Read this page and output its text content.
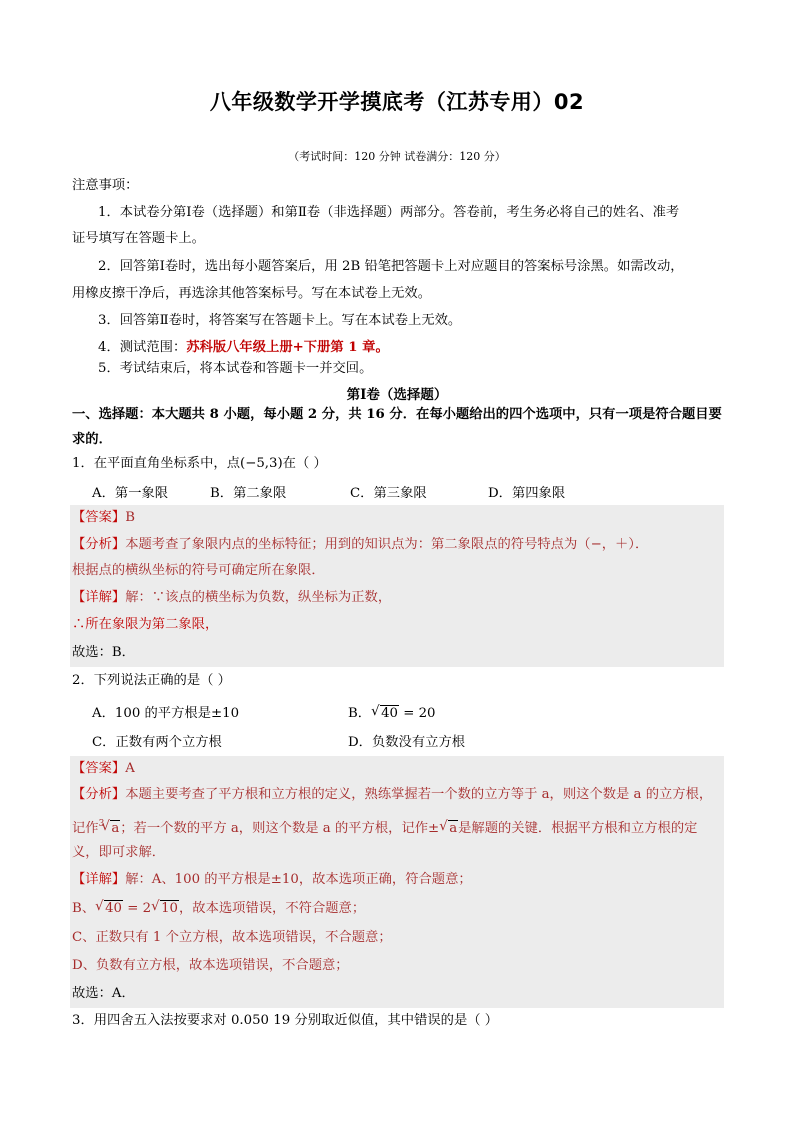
八年级数学开学摸底考（江苏专用）02
（考试时间：120 分钟 试卷满分：120 分）
注意事项：
1．本试卷分第Ⅰ卷（选择题）和第Ⅱ卷（非选择题）两部分。答卷前，考生务必将自己的姓名、准考
证号填写在答题卡上。
2．回答第Ⅰ卷时，选出每小题答案后，用 2B 铅笔把答题卡上对应题目的答案标号涂黑。如需改动，
用橡皮擦干净后，再选涂其他答案标号。写在本试卷上无效。
3．回答第Ⅱ卷时，将答案写在答题卡上。写在本试卷上无效。
4．测试范围：苏科版八年级上册+下册第 1 章。
5．考试结束后，将本试卷和答题卡一并交回。
第Ⅰ卷（选择题）
一、选择题：本大题共 8 小题，每小题 2 分，共 16 分．在每小题给出的四个选项中，只有一项是符合题目要
求的．
1．在平面直角坐标系中，点(−5,3)在（ ）
A．第一象限	B．第二象限	C．第三象限	D．第四象限
【答案】B
【分析】本题考查了象限内点的坐标特征；用到的知识点为：第二象限点的符号特点为（−，＋）．
根据点的横纵坐标的符号可确定所在象限．
【详解】解：∵该点的横坐标为负数，纵坐标为正数，
∴所在象限为第二象限，
故选：B．
2．下列说法正确的是（ ）
A．100 的平方根是±10	B． √ 40 = 20
C．正数有两个立方根	D．负数没有立方根
【答案】A
【分析】本题主要考查了平方根和立方根的定义，熟练掌握若一个数的立方等于 a，则这个数是 a 的立方根，
记作$^3$ √ a；若一个数的平方 a，则这个数是 a 的平方根，记作± √ a是解题的关键．根据平方根和立方根的定
义，即可求解．
【详解】解：A、100 的平方根是±10，故本选项正确，符合题意；
B、 √ 40 = 2 √ 10，故本选项错误，不符合题意；
C、正数只有 1 个立方根，故本选项错误，不合题意；
D、负数有立方根，故本选项错误，不合题意；
故选：A．
3．用四舍五入法按要求对 0.050 19 分别取近似值，其中错误的是（ ）
